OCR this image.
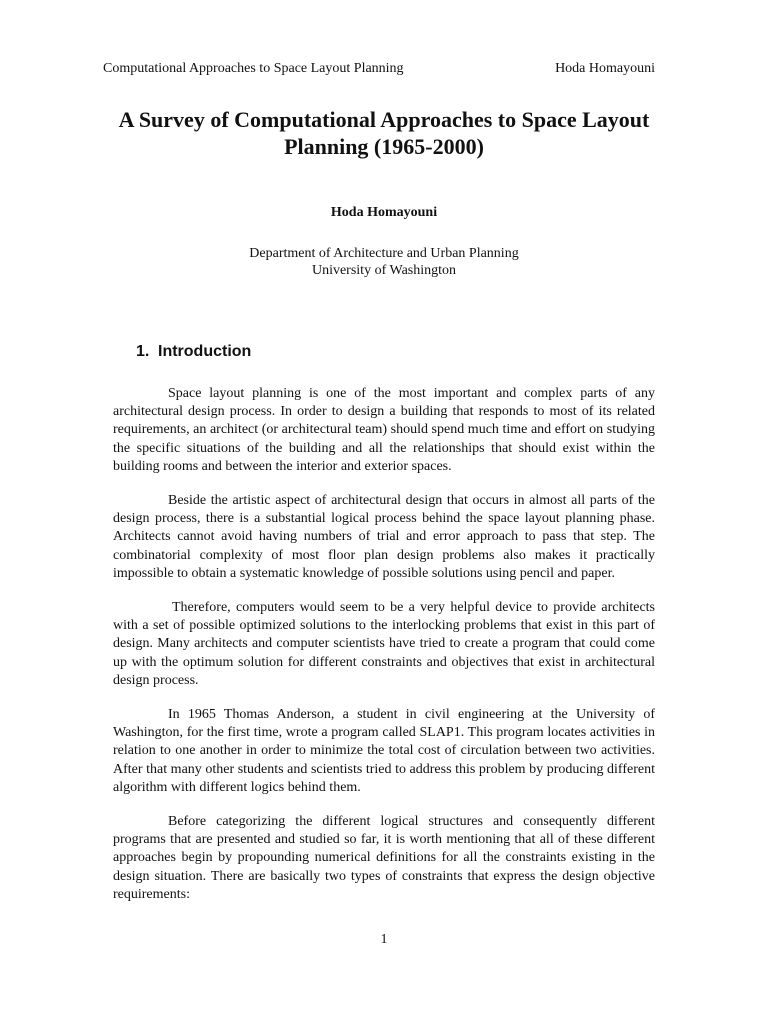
Computational Approaches to Space Layout Planning	Hoda Homayouni
A Survey of Computational Approaches to Space Layout
Planning (1965-2000)
Hoda Homayouni
Department of Architecture and Urban Planning
University of Washington
1. Introduction

Space layout planning is one of the most important and complex parts of any architectural design process. In order to design a building that responds to most of its related requirements, an architect (or architectural team) should spend much time and effort on studying the specific situations of the building and all the relationships that should exist within the building rooms and between the interior and exterior spaces.

Beside the artistic aspect of architectural design that occurs in almost all parts of the design process, there is a substantial logical process behind the space layout planning phase. Architects cannot avoid having numbers of trial and error approach to pass that step. The combinatorial complexity of most floor plan design problems also makes it practically impossible to obtain a systematic knowledge of possible solutions using pencil and paper.

Therefore, computers would seem to be a very helpful device to provide architects with a set of possible optimized solutions to the interlocking problems that exist in this part of design. Many architects and computer scientists have tried to create a program that could come up with the optimum solution for different constraints and objectives that exist in architectural design process.

In 1965 Thomas Anderson, a student in civil engineering at the University of Washington, for the first time, wrote a program called SLAP1. This program locates activities in relation to one another in order to minimize the total cost of circulation between two activities. After that many other students and scientists tried to address this problem by producing different algorithm with different logics behind them.

Before categorizing the different logical structures and consequently different programs that are presented and studied so far, it is worth mentioning that all of these different approaches begin by propounding numerical definitions for all the constraints existing in the design situation. There are basically two types of constraints that express the design objective requirements:

1
